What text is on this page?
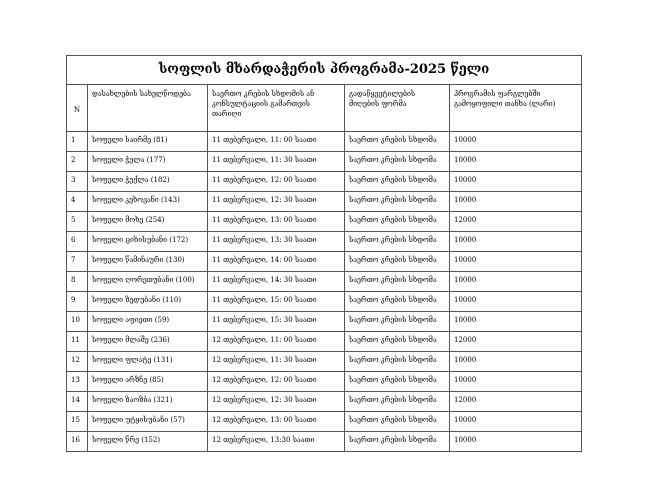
სოფლის მხარდაჭერის პროგრამა-2025 წელი				
N	დასახლების სახელწოდება	საერთო კრების სხდომის ან კონსულტაციის გამართვის თარიღი	გადაწყვეტილების მიღების ფორმა	პროგრამის ფარგლებში გამოყოფილი თანხა (ლარი)
1	სოფელი საირმე (81)	11 თებერვალი, 11: 00 საათი	საერთო კრების სხდომა	10000
2	სოფელი ჭელა (177)	11 თებერვალი, 11: 30 საათი	საერთო კრების სხდომა	10000
3	სოფელი ჭექლა (182)	11 თებერვალი, 12: 00 საათი	საერთო კრების სხდომა	10000
4	სოფელი კეხოვანი (143)	11 თებერვალი, 12: 30 საათი	საერთო კრების სხდომა	10000
5	სოფელი მოხე (254)	11 თებერვალი, 13: 00 საათი	საერთო კრების სხდომა	12000
6	სოფელი ციხისუბანი (172)	11 თებერვალი, 13: 30 საათი	საერთო კრების სხდომა	10000
7	სოფელი წამინაური (130)	11 თებერვალი, 14: 00 საათი	საერთო კრების სხდომა	10000
8	სოფელი ღორეთუბანი (100)	11 თებერვალი, 14: 30 საათი	საერთო კრების სხდომა	10000
9	სოფელი ზედუბანი (110)	11 თებერვალი, 15: 00 საათი	საერთო კრების სხდომა	10000
10	სოფელი აფიეთი (59)	11 თებერვალი, 15: 30 საათი	საერთო კრების სხდომა	10000
11	სოფელი მლაშე (236)	12 თებერვალი, 11: 00 საათი	საერთო კრების სხდომა	12000
12	სოფელი ფლატე (131)	12 თებერვალი, 11: 30 საათი	საერთო კრების სხდომა	10000
13	სოფელი არზნე (85)	12 თებერვალი, 12: 00 საათი	საერთო კრების სხდომა	10000
14	სოფელი ზაოზბა (321)	12 თებერვალი, 12: 30 საათი	საერთო კრების სხდომა	12000
15	სოფელი უტყისუბანი (57)	12 თებერვალი, 13: 00 საათი	საერთო კრების სხდომა	10000
16	სოფელი წრე (152)	12 თებერვალი, 13:30 საათი	საერთო კრების სხდომა	10000
